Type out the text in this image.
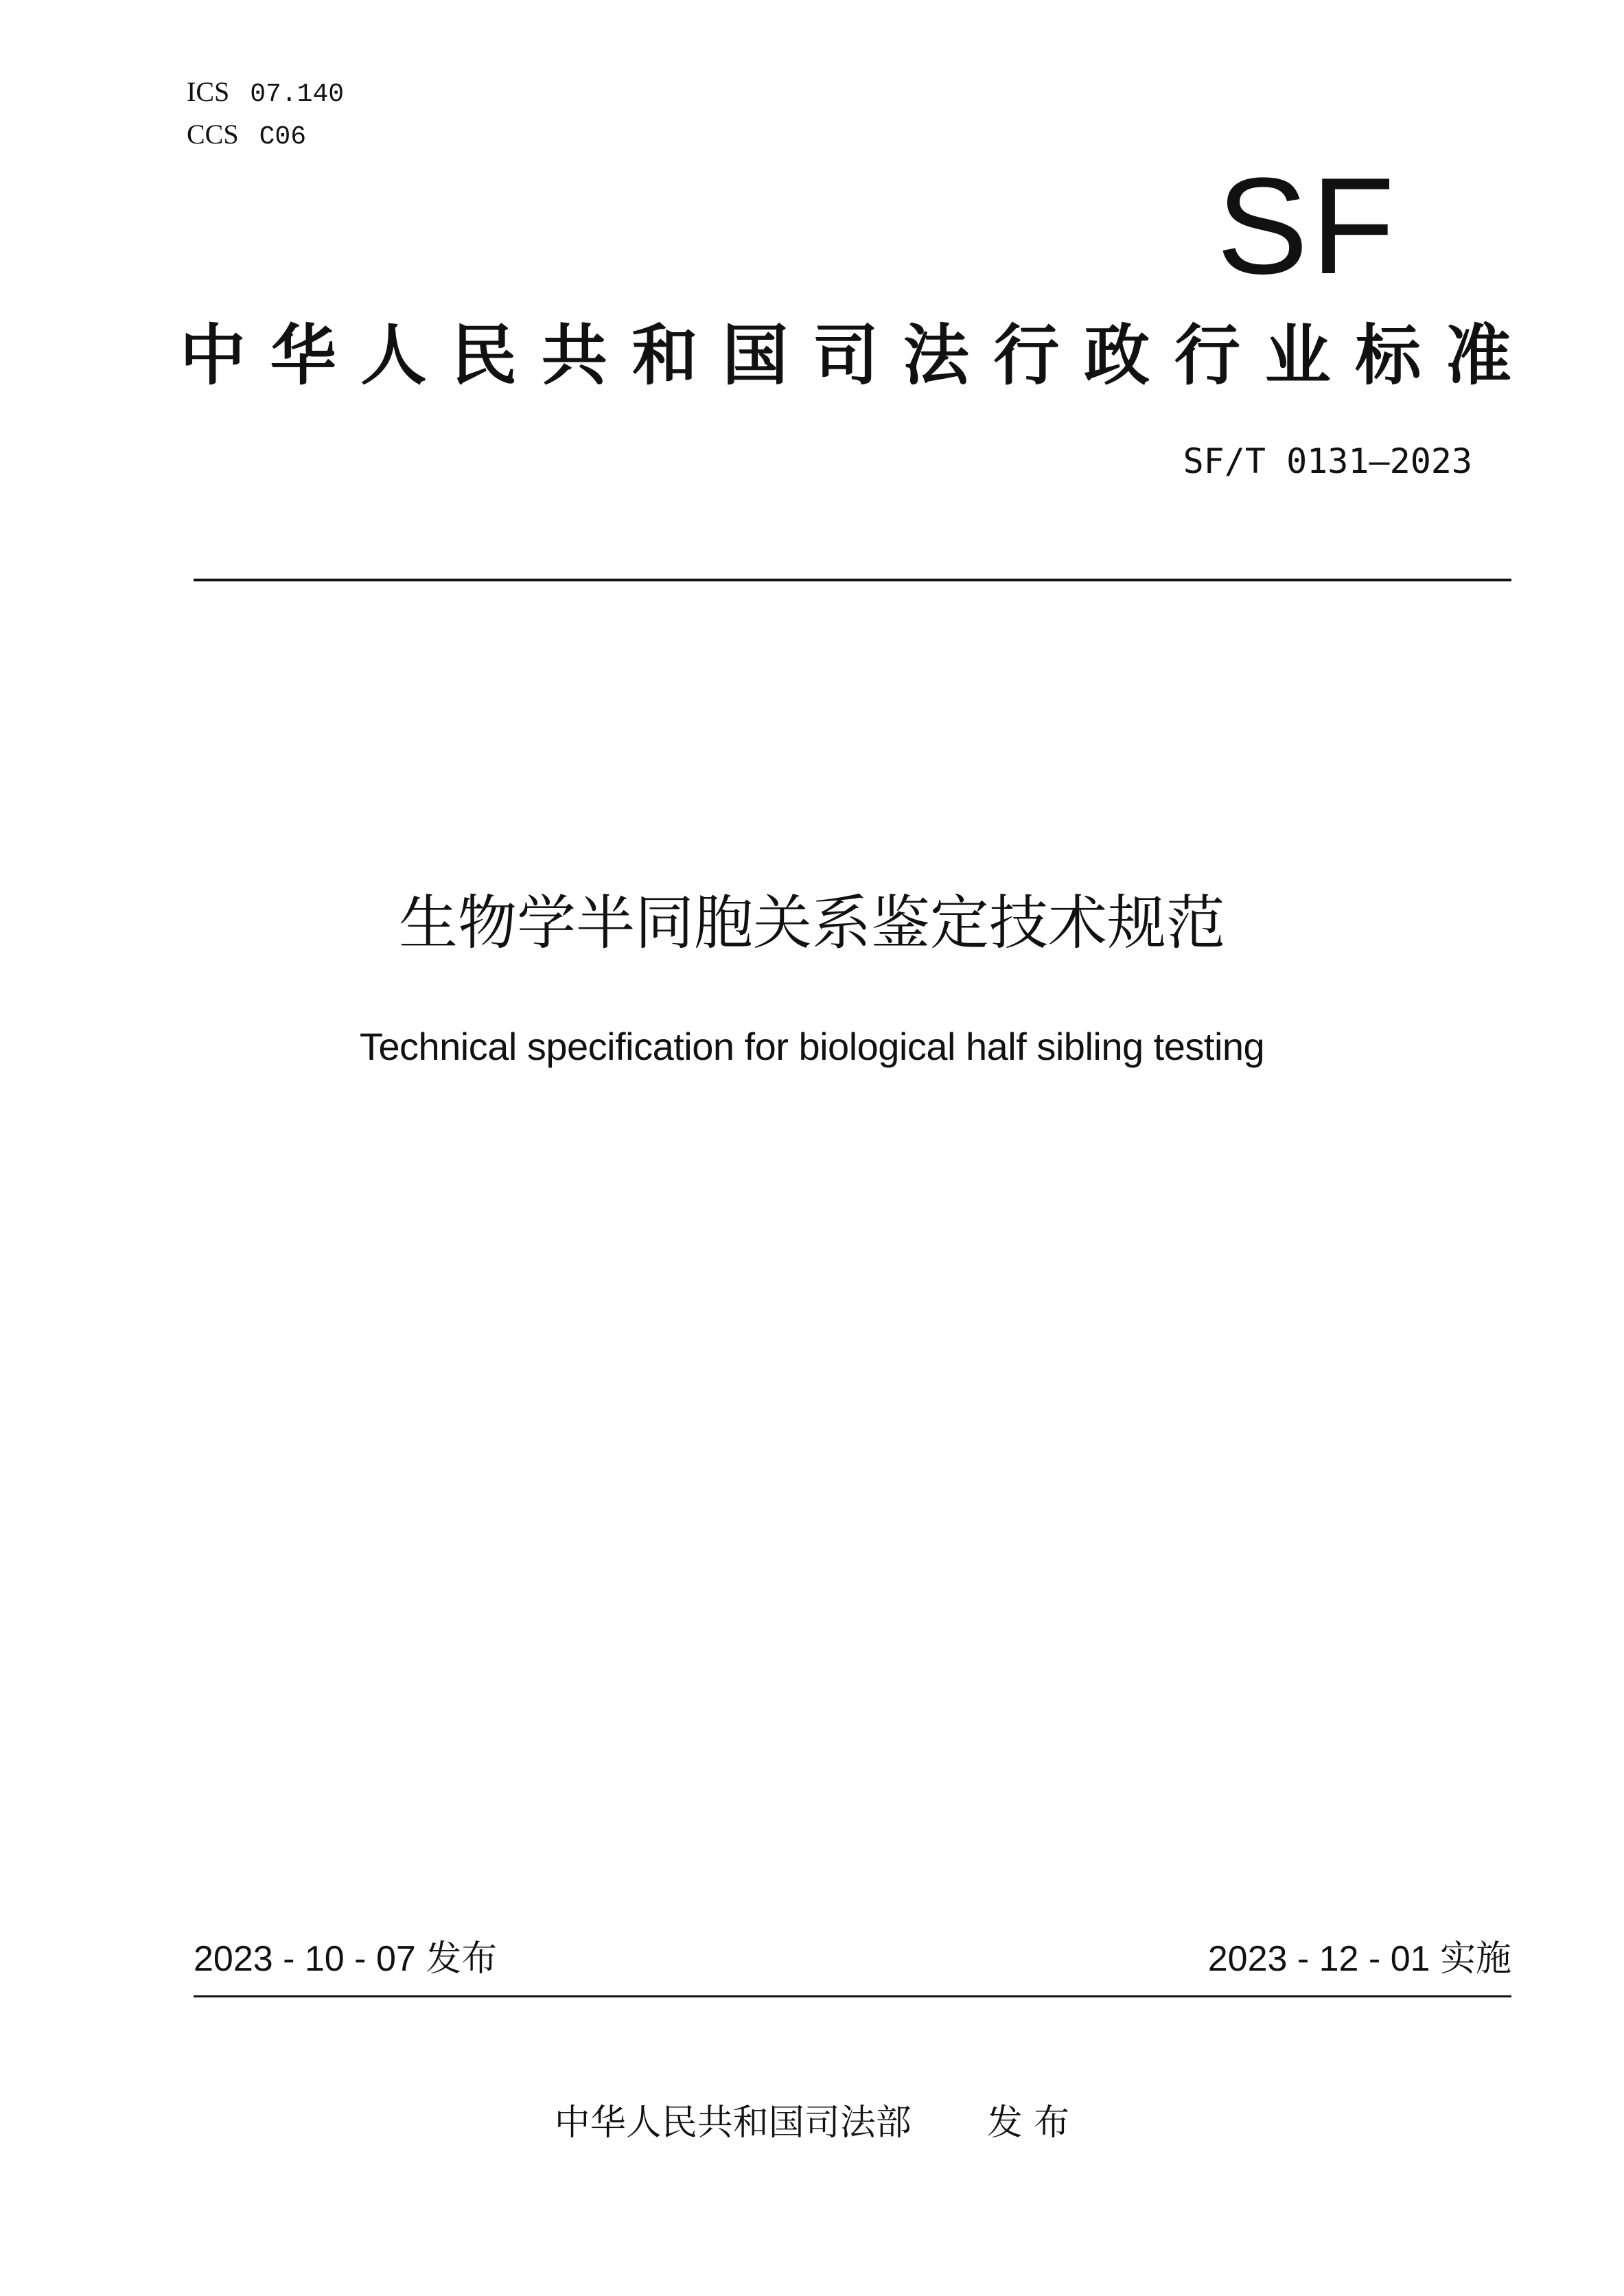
ICS 07.140
CCS C06
SF
中华人民共和国司法行政行业标准
SF/T 0131—2023
生物学半同胞关系鉴定技术规范
Technical specification for biological half sibling testing
2023 - 10 - 07 发布	2023 - 12 - 01 实施
中华人民共和国司法部 发 布
